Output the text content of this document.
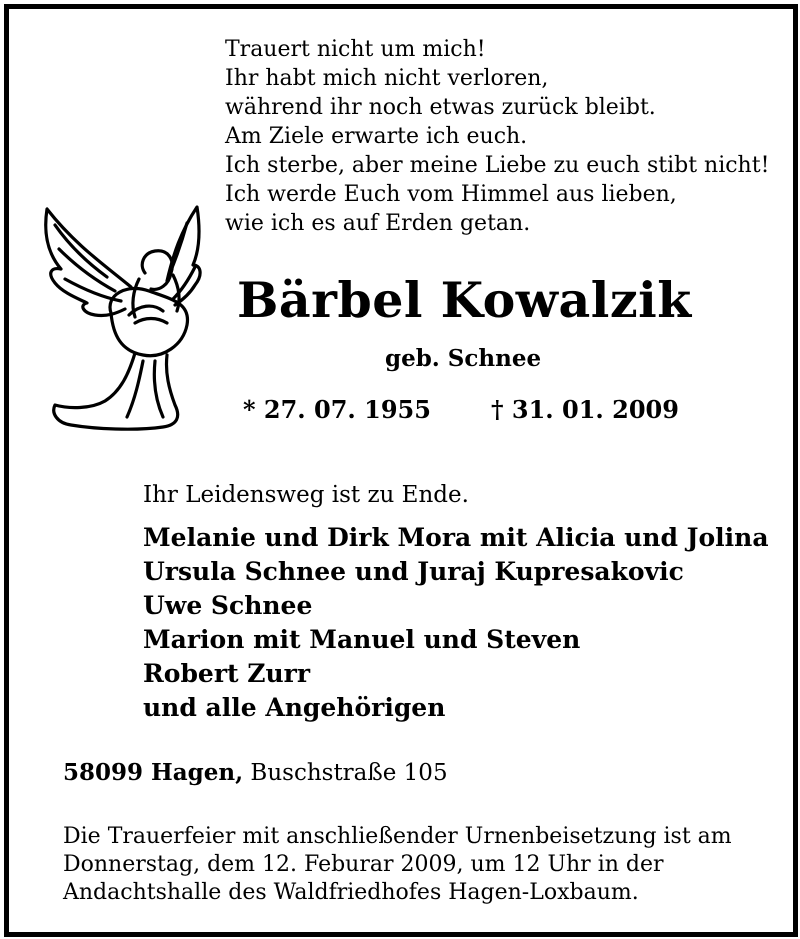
Trauert nicht um mich!
Ihr habt mich nicht verloren,
während ihr noch etwas zurück bleibt.
Am Ziele erwarte ich euch.
Ich sterbe, aber meine Liebe zu euch stibt nicht!
Ich werde Euch vom Himmel aus lieben,
wie ich es auf Erden getan.
Bärbel Kowalzik
geb. Schnee
* 27. 07. 1955	† 31. 01. 2009
Ihr Leidensweg ist zu Ende.
Melanie und Dirk Mora mit Alicia und Jolina
Ursula Schnee und Juraj Kupresakovic
Uwe Schnee
Marion mit Manuel und Steven
Robert Zurr
und alle Angehörigen
58099 Hagen, Buschstraße 105
Die Trauerfeier mit anschließender Urnenbeisetzung ist am
Donnerstag, dem 12. Feburar 2009, um 12 Uhr in der
Andachtshalle des Waldfriedhofes Hagen-Loxbaum.
